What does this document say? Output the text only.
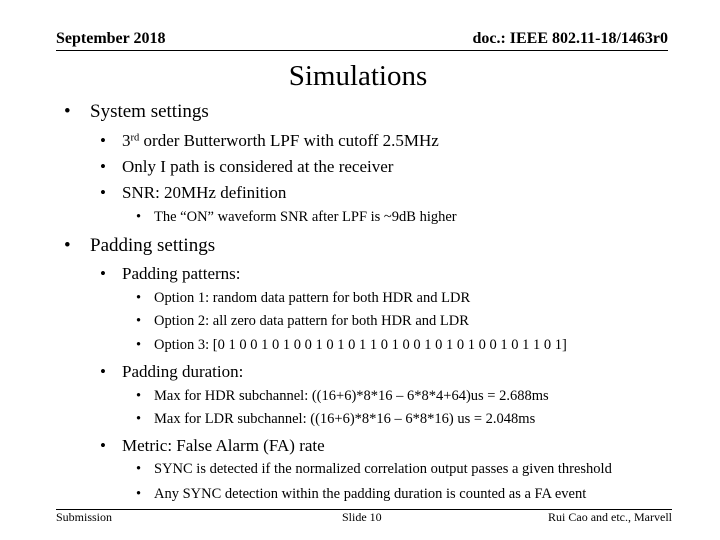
September 2018	doc.: IEEE 802.11-18/1463r0
Simulations
• System settings
• 3rd order Butterworth LPF with cutoff 2.5MHz
• Only I path is considered at the receiver
• SNR: 20MHz definition
• The “ON” waveform SNR after LPF is ~9dB higher
• Padding settings
• Padding patterns:
• Option 1: random data pattern for both HDR and LDR
• Option 2: all zero data pattern for both HDR and LDR
• Option 3: [0 1 0 0 1 0 1 0 0 1 0 1 0 1 1 0 1 0 0 1 0 1 0 1 0 0 1 0 1 1 0 1]
• Padding duration:
• Max for HDR subchannel: ((16+6)*8*16 – 6*8*4+64)us = 2.688ms
• Max for LDR subchannel: ((16+6)*8*16 – 6*8*16) us = 2.048ms
• Metric: False Alarm (FA) rate
• SYNC is detected if the normalized correlation output passes a given threshold
• Any SYNC detection within the padding duration is counted as a FA event
Submission	Slide 10	Rui Cao and etc., Marvell
